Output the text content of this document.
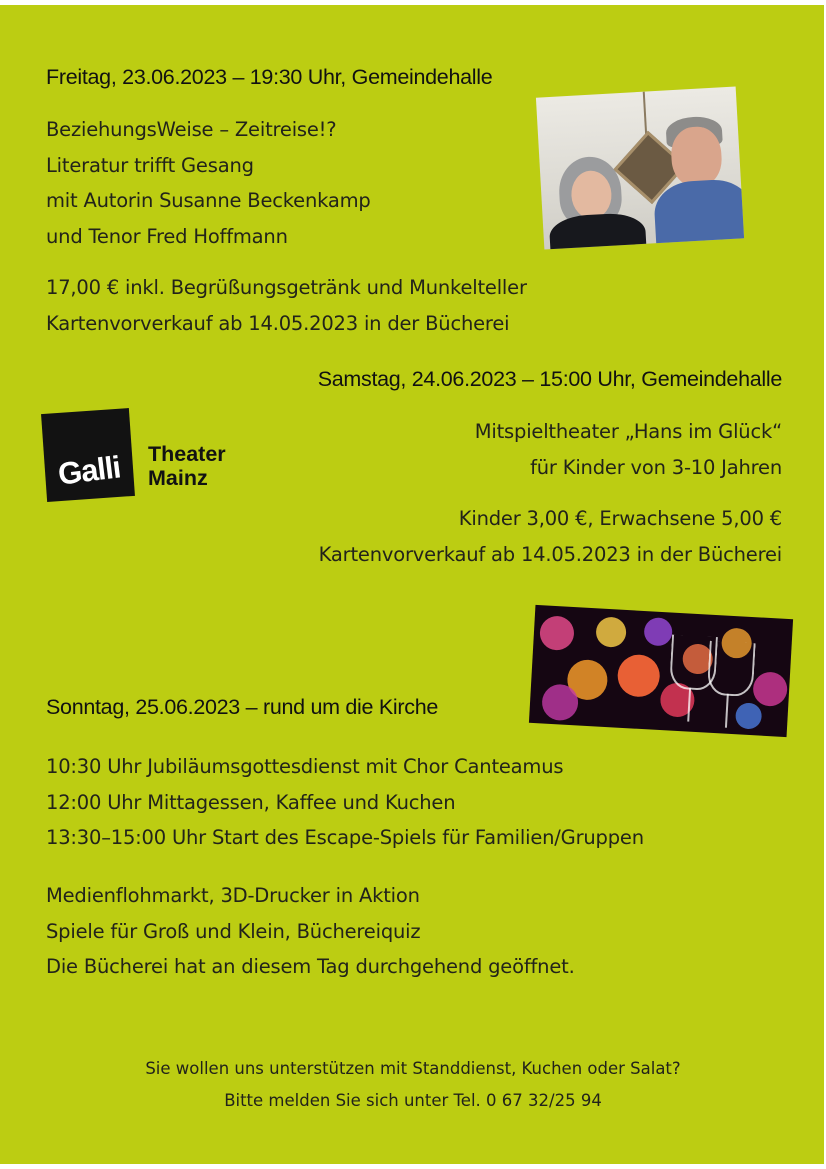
Freitag, 23.06.2023 – 19:30 Uhr, Gemeindehalle
BeziehungsWeise – Zeitreise!?
Literatur trifft Gesang
mit Autorin Susanne Beckenkamp
und Tenor Fred Hoffmann
17,00 € inkl. Begrüßungsgetränk und Munkelteller
Kartenvorverkauf ab 14.05.2023 in der Bücherei
Samstag, 24.06.2023 – 15:00 Uhr, Gemeindehalle
Galli Theater
Mainz
Mitspieltheater „Hans im Glück“
für Kinder von 3-10 Jahren
Kinder 3,00 €, Erwachsene 5,00 €
Kartenvorverkauf ab 14.05.2023 in der Bücherei
Sonntag, 25.06.2023 – rund um die Kirche
10:30 Uhr Jubiläumsgottesdienst mit Chor Canteamus
12:00 Uhr Mittagessen, Kaffee und Kuchen
13:30–15:00 Uhr Start des Escape-Spiels für Familien/Gruppen
Medienflohmarkt, 3D-Drucker in Aktion
Spiele für Groß und Klein, Büchereiquiz
Die Bücherei hat an diesem Tag durchgehend geöffnet.
Sie wollen uns unterstützen mit Standdienst, Kuchen oder Salat?
Bitte melden Sie sich unter Tel. 0 67 32/25 94
